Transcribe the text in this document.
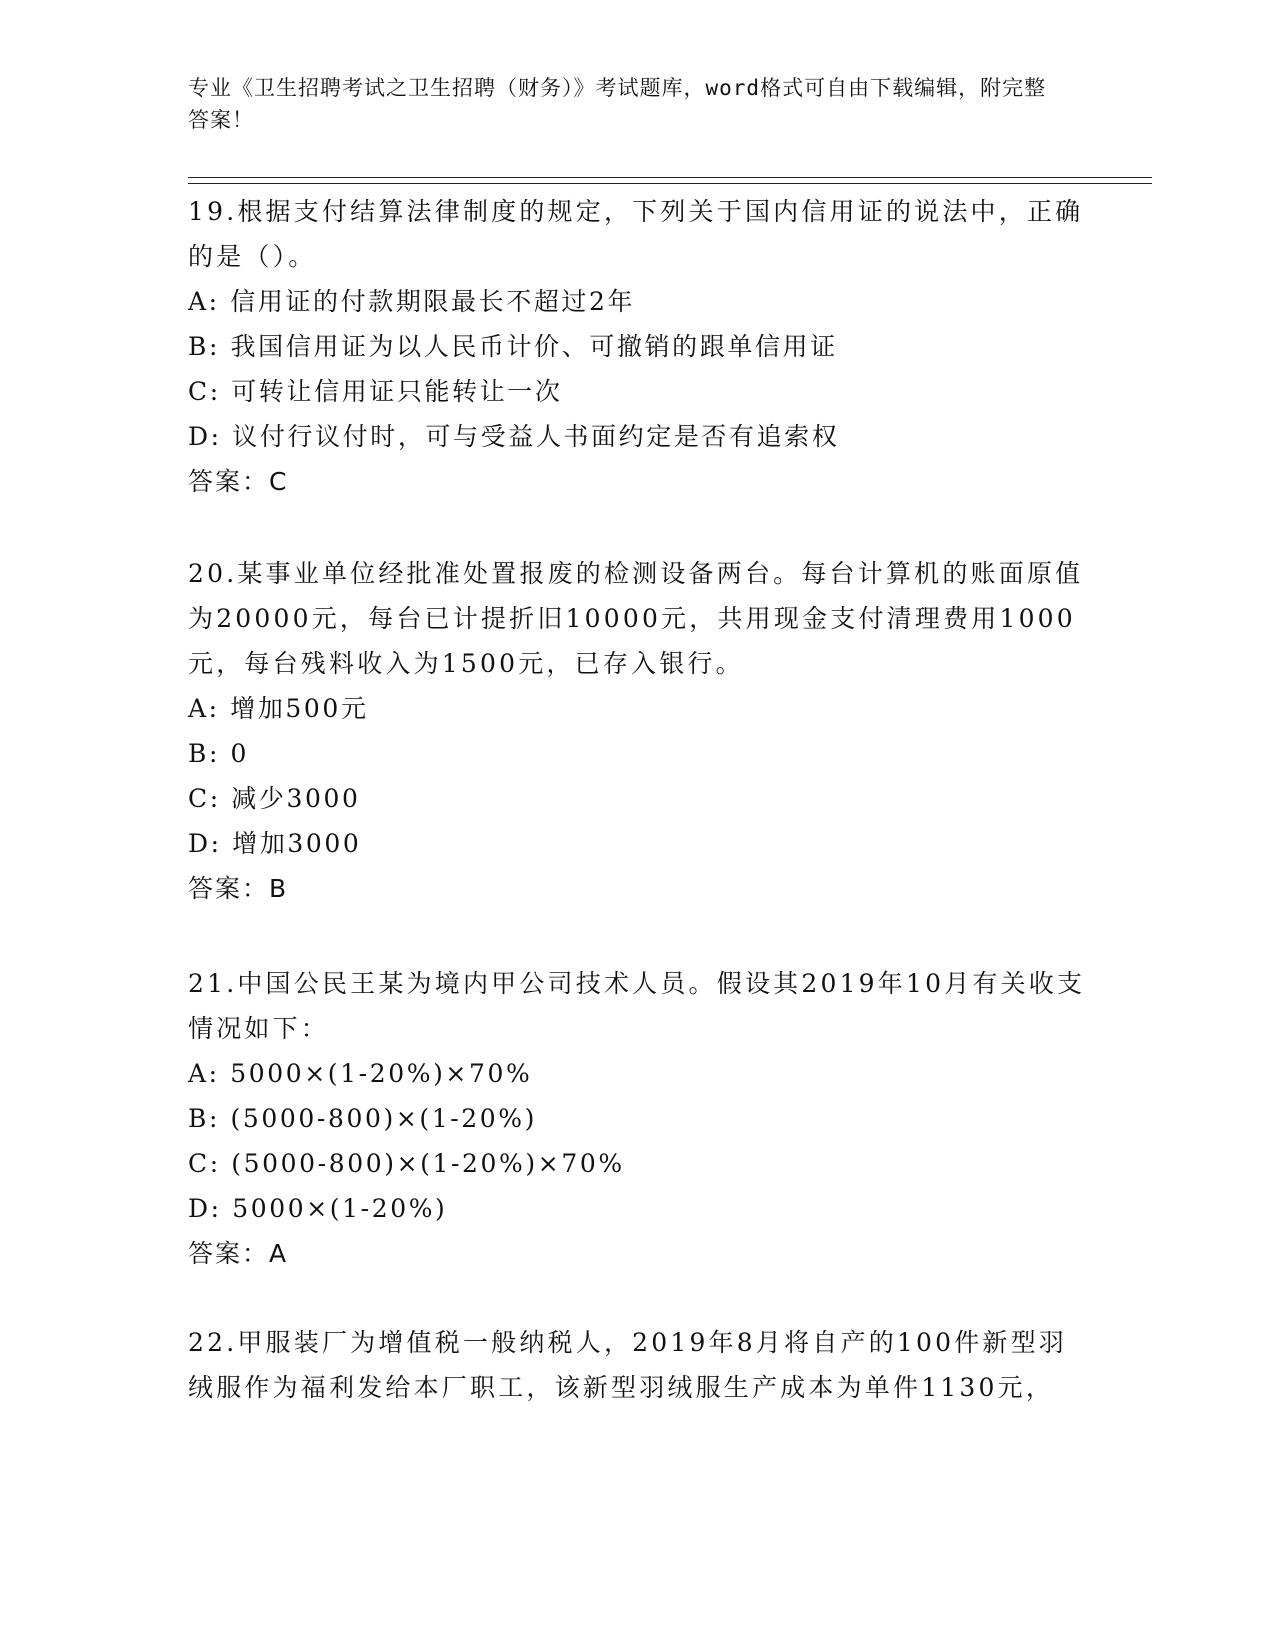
专业《卫生招聘考试之卫生招聘（财务）》考试题库，word格式可自由下载编辑，附完整答案！

19.根据支付结算法律制度的规定，下列关于国内信用证的说法中，正确的是（）。

A: 信用证的付款期限最长不超过2年

B: 我国信用证为以人民币计价、可撤销的跟单信用证

C: 可转让信用证只能转让一次

D: 议付行议付时，可与受益人书面约定是否有追索权

答案：C

20.某事业单位经批准处置报废的检测设备两台。每台计算机的账面原值为20000元，每台已计提折旧10000元，共用现金支付清理费用1000元，每台残料收入为1500元，已存入银行。

A: 增加500元

B: 0

C: 减少3000

D: 增加3000

答案：B

21.中国公民王某为境内甲公司技术人员。假设其2019年10月有关收支情况如下：

A: 5000×(1-20%)×70%

B: (5000-800)×(1-20%)

C: (5000-800)×(1-20%)×70%

D: 5000×(1-20%)

答案：A

22.甲服装厂为增值税一般纳税人，2019年8月将自产的100件新型羽绒服作为福利发给本厂职工，该新型羽绒服生产成本为单件1130元，
